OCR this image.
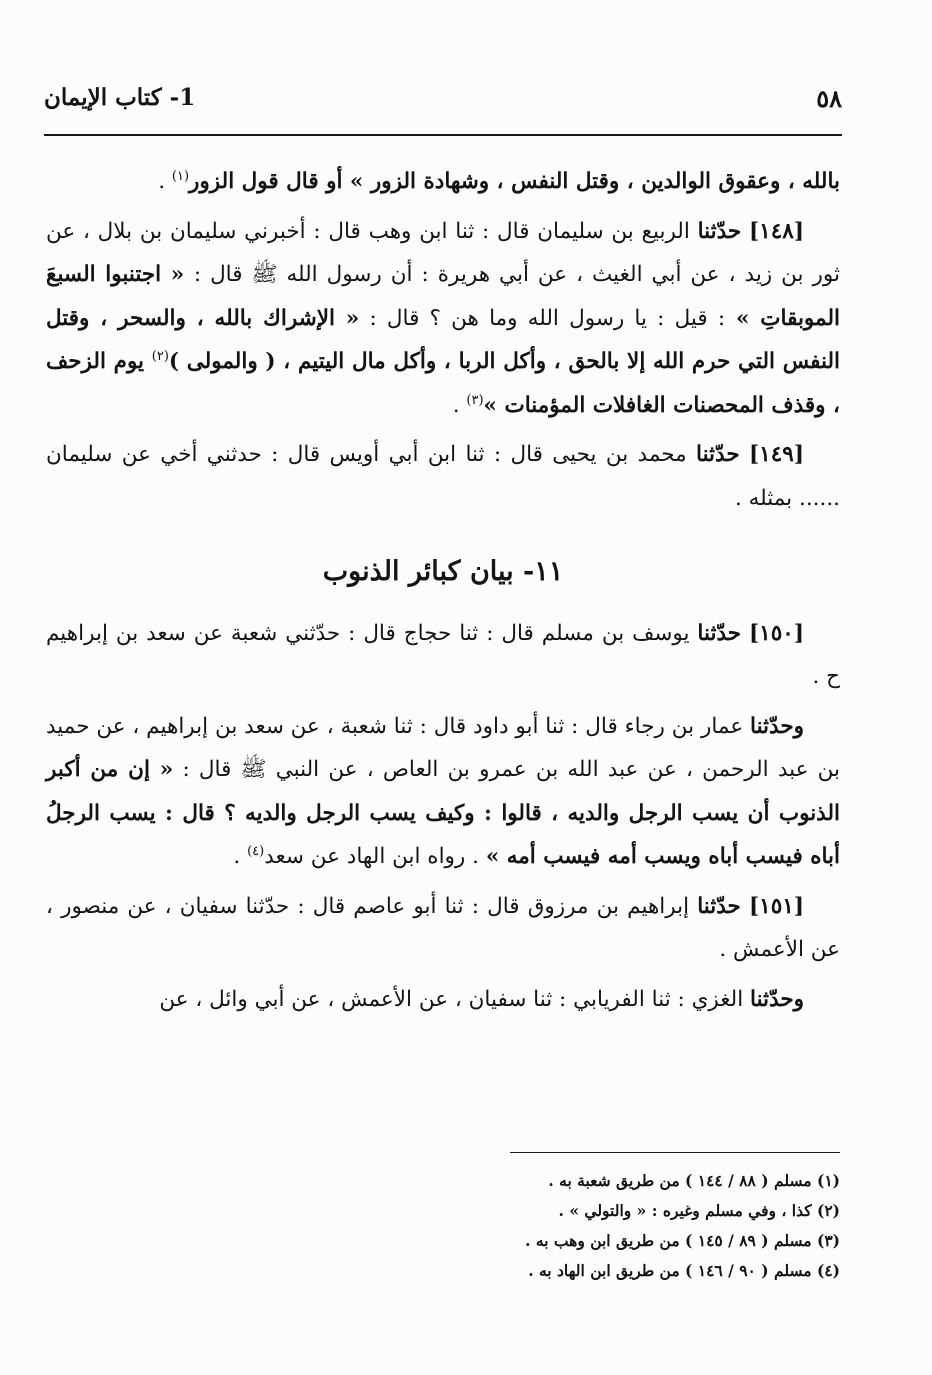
٥٨
1- كتاب الإيمان

بالله ، وعقوق الوالدين ، وقتل النفس ، وشهادة الزور » أو قال قول الزور$^{(١)}$ .

[١٤٨] حدّثنا الربيع بن سليمان قال : ثنا ابن وهب قال : أخبرني سليمان بن بلال ، عن ثور بن زيد ، عن أبي الغيث ، عن أبي هريرة : أن رسول الله ﷺ قال : « اجتنبوا السبعَ الموبقاتِ » : قيل : يا رسول الله وما هن ؟ قال : « الإشراك بالله ، والسحر ، وقتل النفس التي حرم الله إلا بالحق ، وأكل الربا ، وأكل مال اليتيم ، ( والمولى )$^{(٢)}$ يوم الزحف ، وقذف المحصنات الغافلات المؤمنات »$^{(٣)}$ .

[١٤٩] حدّثنا محمد بن يحيى قال : ثنا ابن أبي أويس قال : حدثني أخي عن سليمان ...... بمثله .

١١- بيان كبائر الذنوب

[١٥٠] حدّثنا يوسف بن مسلم قال : ثنا حجاج قال : حدّثني شعبة عن سعد بن إبراهيم ح .

وحدّثنا عمار بن رجاء قال : ثنا أبو داود قال : ثنا شعبة ، عن سعد بن إبراهيم ، عن حميد بن عبد الرحمن ، عن عبد الله بن عمرو بن العاص ، عن النبي ﷺ قال : « إن من أكبر الذنوب أن يسب الرجل والديه ، قالوا : وكيف يسب الرجل والديه ؟ قال : يسب الرجلُ أباه فيسب أباه ويسب أمه فيسب أمه » . رواه ابن الهاد عن سعد$^{(٤)}$ .

[١٥١] حدّثنا إبراهيم بن مرزوق قال : ثنا أبو عاصم قال : حدّثنا سفيان ، عن منصور ، عن الأعمش .

وحدّثنا الغزي : ثنا الفريابي : ثنا سفيان ، عن الأعمش ، عن أبي وائل ، عن

(١) مسلم ( ٨٨ / ١٤٤ ) من طريق شعبة به .
(٢) كذا ، وفي مسلم وغيره : « والتولي » .
(٣) مسلم ( ٨٩ / ١٤٥ ) من طريق ابن وهب به .
(٤) مسلم ( ٩٠ / ١٤٦ ) من طريق ابن الهاد به .
